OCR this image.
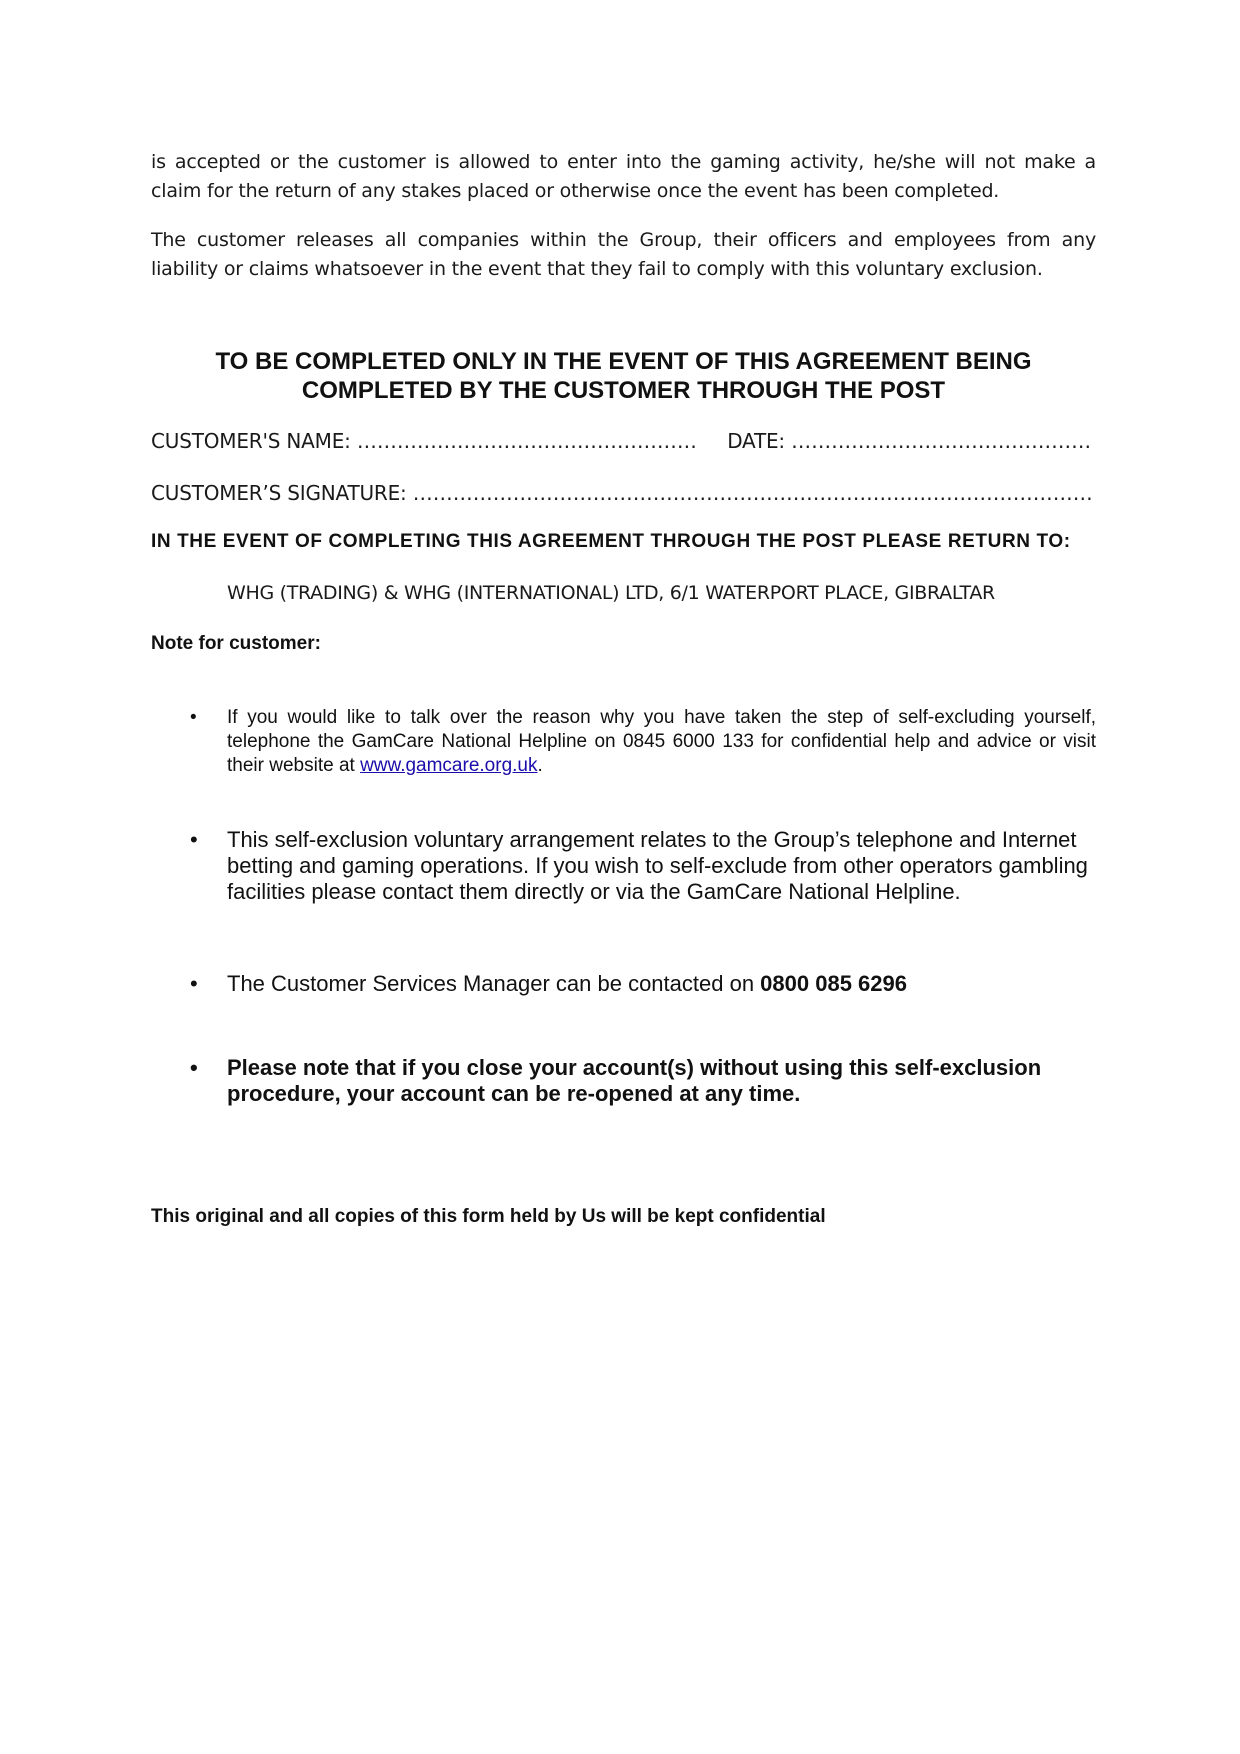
is accepted or the customer is allowed to enter into the gaming activity, he/she will not make a claim for the return of any stakes placed or otherwise once the event has been completed.

The customer releases all companies within the Group, their officers and employees from any liability or claims whatsoever in the event that they fail to comply with this voluntary exclusion.

TO BE COMPLETED ONLY IN THE EVENT OF THIS AGREEMENT BEING
COMPLETED BY THE CUSTOMER THROUGH THE POST
CUSTOMER'S NAME: …………………………………………… DATE: ………………………………………
CUSTOMER’S SIGNATURE: …………………………………………………………………………………………
IN THE EVENT OF COMPLETING THIS AGREEMENT THROUGH THE POST PLEASE RETURN TO:
WHG (TRADING) & WHG (INTERNATIONAL) LTD, 6/1 WATERPORT PLACE, GIBRALTAR
Note for customer:
• If you would like to talk over the reason why you have taken the step of self-excluding yourself, telephone the GamCare National Helpline on 0845 6000 133 for confidential help and advice or visit their website at www.gamcare.org.uk.
• This self-exclusion voluntary arrangement relates to the Group’s telephone and Internet betting and gaming operations. If you wish to self-exclude from other operators gambling facilities please contact them directly or via the GamCare National Helpline.
• The Customer Services Manager can be contacted on 0800 085 6296
• Please note that if you close your account(s) without using this self-exclusion procedure, your account can be re-opened at any time.
This original and all copies of this form held by Us will be kept confidential
